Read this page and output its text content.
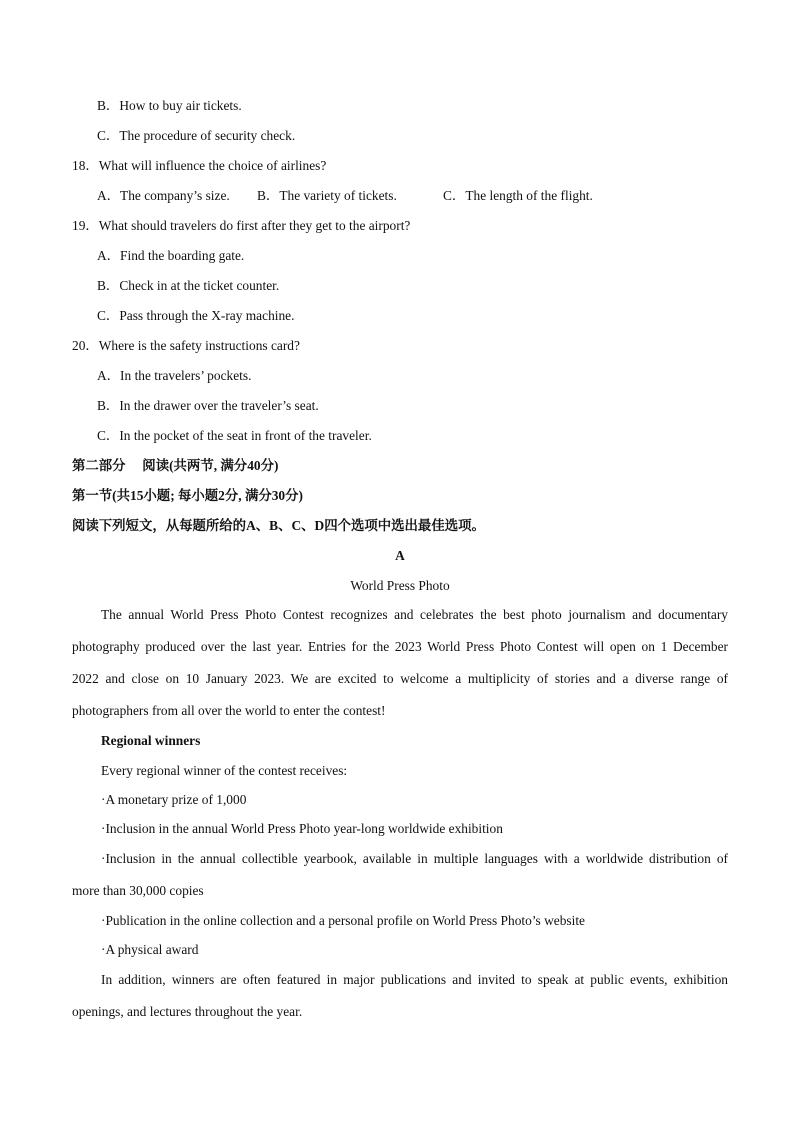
B．How to buy air tickets.
C．The procedure of security check.
18．What will influence the choice of airlines?
A．The company’s size. B．The variety of tickets.	C．The length of the flight.
19．What should travelers do first after they get to the airport?
A．Find the boarding gate.
B．Check in at the ticket counter.
C．Pass through the X-ray machine.
20．Where is the safety instructions card?
A．In the travelers’ pockets.
B．In the drawer over the traveler’s seat.
C．In the pocket of the seat in front of the traveler.
第二部分　 阅读(共两节, 满分40分)
第一节(共15小题; 每小题2分, 满分30分)
阅读下列短文，从每题所给的A、B、C、D四个选项中选出最佳选项。
A
World Press Photo
The annual World Press Photo Contest recognizes and celebrates the best photo journalism and documentary
photography produced over the last year. Entries for the 2023 World Press Photo Contest will open on 1 December
2022 and close on 10 January 2023. We are excited to welcome a multiplicity of stories and a diverse range of
photographers from all over the world to enter the contest!
Regional winners
Every regional winner of the contest receives:
·A monetary prize of 1,000
·Inclusion in the annual World Press Photo year-long worldwide exhibition
·Inclusion in the annual collectible yearbook, available in multiple languages with a worldwide distribution of
more than 30,000 copies
·Publication in the online collection and a personal profile on World Press Photo’s website
·A physical award
In addition, winners are often featured in major publications and invited to speak at public events, exhibition
openings, and lectures throughout the year.
